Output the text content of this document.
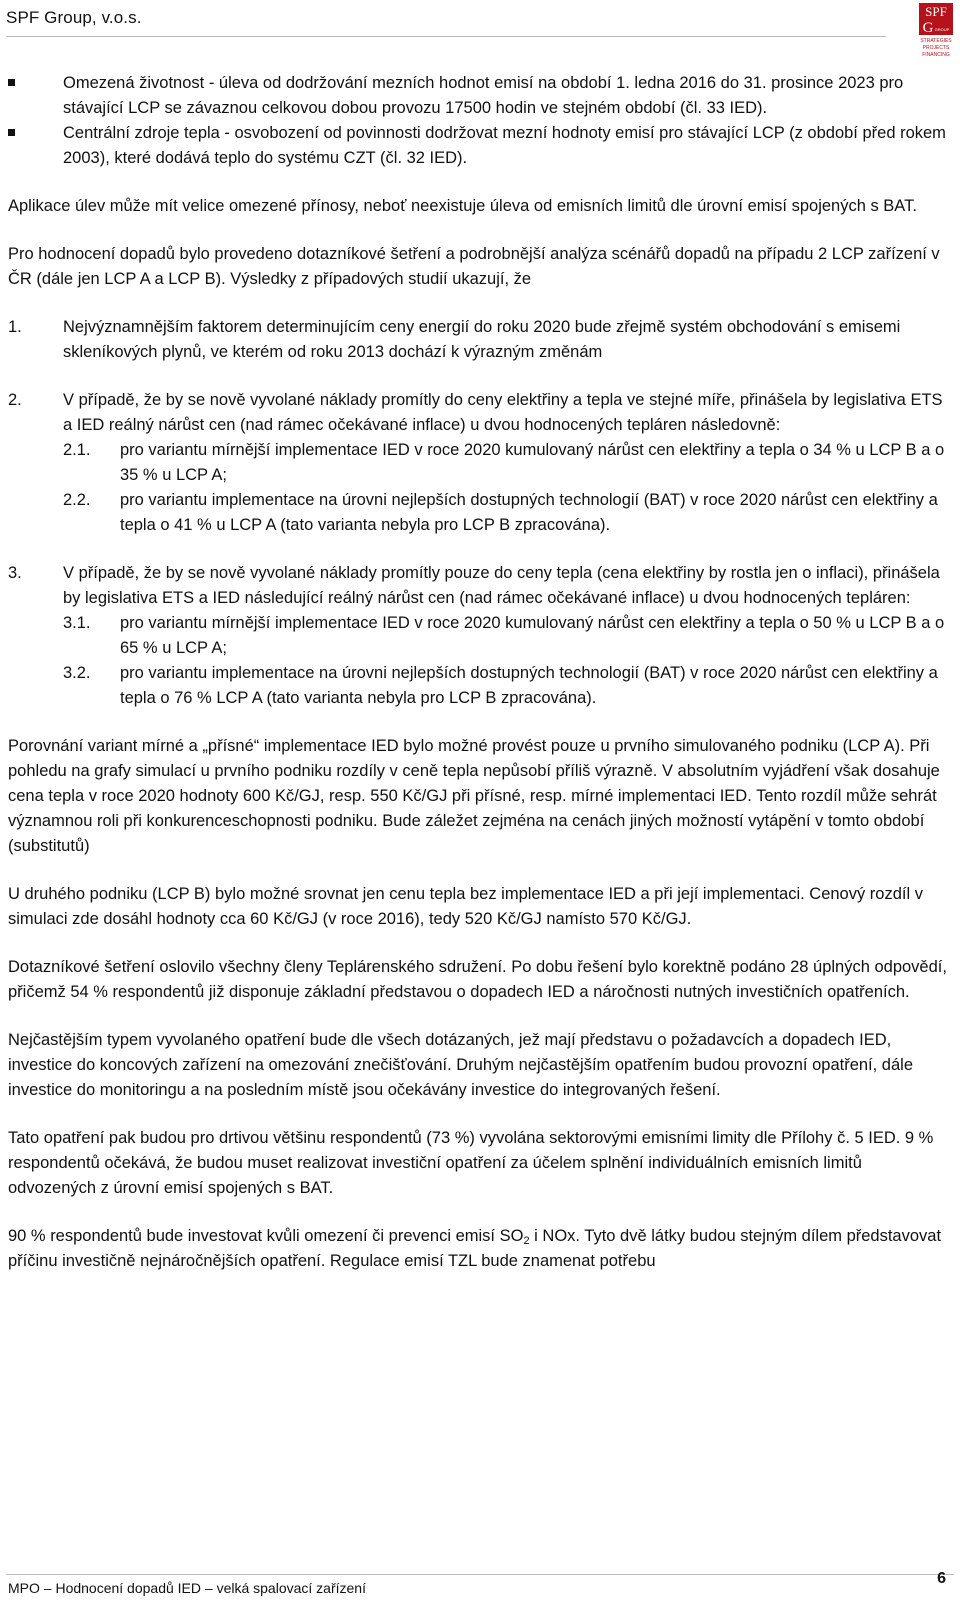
SPF Group, v.o.s.	SPF
G GROUP
STRATEGIES
PROJECTS
FINANCING
Omezená životnost - úleva od dodržování mezních hodnot emisí na období 1. ledna 2016 do 31. prosince 2023 pro stávající LCP se závaznou celkovou dobou provozu 17500 hodin ve stejném období (čl. 33 IED).
Centrální zdroje tepla - osvobození od povinnosti dodržovat mezní hodnoty emisí pro stávající LCP (z období před rokem 2003), které dodává teplo do systému CZT (čl. 32 IED).

Aplikace úlev může mít velice omezené přínosy, neboť neexistuje úleva od emisních limitů dle úrovní emisí spojených s BAT.

Pro hodnocení dopadů bylo provedeno dotazníkové šetření a podrobnější analýza scénářů dopadů na případu 2 LCP zařízení v ČR (dále jen LCP A a LCP B). Výsledky z případových studií ukazují, že

1.	Nejvýznamnějším faktorem determinujícím ceny energií do roku 2020 bude zřejmě systém obchodování s emisemi skleníkových plynů, ve kterém od roku 2013 dochází k výrazným změnám
2.	V případě, že by se nově vyvolané náklady promítly do ceny elektřiny a tepla ve stejné míře, přinášela by legislativa ETS a IED reálný nárůst cen (nad rámec očekávané inflace) u dvou hodnocených tepláren následovně:
2.1.	pro variantu mírnější implementace IED v roce 2020 kumulovaný nárůst cen elektřiny a tepla o 34 % u LCP B a o 35 % u LCP A;
2.2.	pro variantu implementace na úrovni nejlepších dostupných technologií (BAT) v roce 2020 nárůst cen elektřiny a tepla o 41 % u LCP A (tato varianta nebyla pro LCP B zpracována).
3.	V případě, že by se nově vyvolané náklady promítly pouze do ceny tepla (cena elektřiny by rostla jen o inflaci), přinášela by legislativa ETS a IED následující reálný nárůst cen (nad rámec očekávané inflace) u dvou hodnocených tepláren:
3.1.	pro variantu mírnější implementace IED v roce 2020 kumulovaný nárůst cen elektřiny a tepla o 50 % u LCP B a o 65 % u LCP A;
3.2.	pro variantu implementace na úrovni nejlepších dostupných technologií (BAT) v roce 2020 nárůst cen elektřiny a tepla o 76 % LCP A (tato varianta nebyla pro LCP B zpracována).

Porovnání variant mírné a „přísné“ implementace IED bylo možné provést pouze u prvního simulovaného podniku (LCP A). Při pohledu na grafy simulací u prvního podniku rozdíly v ceně tepla nepůsobí příliš výrazně. V absolutním vyjádření však dosahuje cena tepla v roce 2020 hodnoty 600 Kč/GJ, resp. 550 Kč/GJ při přísné, resp. mírné implementaci IED. Tento rozdíl může sehrát významnou roli při konkurenceschopnosti podniku. Bude záležet zejména na cenách jiných možností vytápění v tomto období (substitutů)

U druhého podniku (LCP B) bylo možné srovnat jen cenu tepla bez implementace IED a při její implementaci. Cenový rozdíl v simulaci zde dosáhl hodnoty cca 60 Kč/GJ (v roce 2016), tedy 520 Kč/GJ namísto 570 Kč/GJ.

Dotazníkové šetření oslovilo všechny členy Teplárenského sdružení. Po dobu řešení bylo korektně podáno 28 úplných odpovědí, přičemž 54 % respondentů již disponuje základní představou o dopadech IED a náročnosti nutných investičních opatřeních.

Nejčastějším typem vyvolaného opatření bude dle všech dotázaných, jež mají představu o požadavcích a dopadech IED, investice do koncových zařízení na omezování znečišťování. Druhým nejčastějším opatřením budou provozní opatření, dále investice do monitoringu a na posledním místě jsou očekávány investice do integrovaných řešení.

Tato opatření pak budou pro drtivou většinu respondentů (73 %) vyvolána sektorovými emisními limity dle Přílohy č. 5 IED. 9 % respondentů očekává, že budou muset realizovat investiční opatření za účelem splnění individuálních emisních limitů odvozených z úrovní emisí spojených s BAT.

90 % respondentů bude investovat kvůli omezení či prevenci emisí $SO_2$ i NOx. Tyto dvě látky budou stejným dílem představovat příčinu investičně nejnáročnějších opatření. Regulace emisí TZL bude znamenat potřebu

MPO – Hodnocení dopadů IED – velká spalovací zařízení
6
